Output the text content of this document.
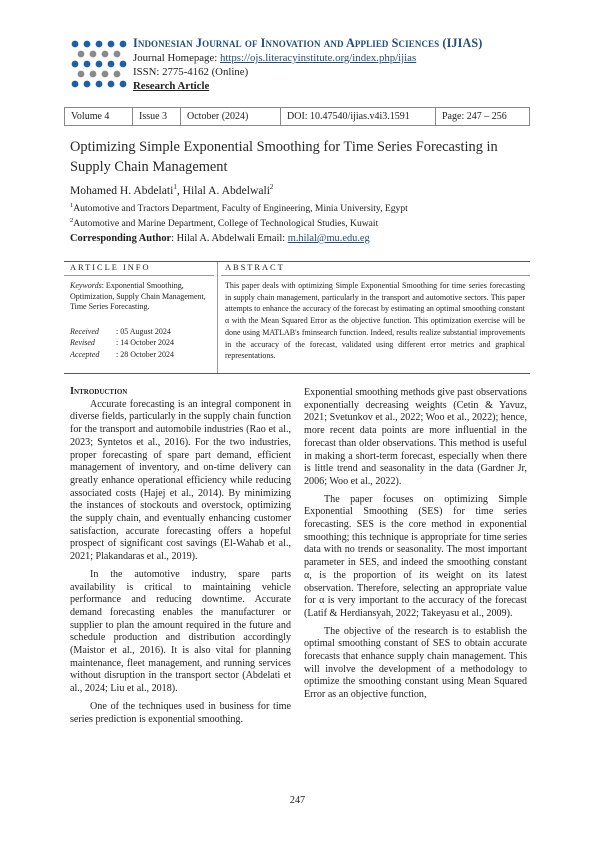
Indonesian Journal of Innovation and Applied Sciences (IJIAS)
Journal Homepage: https://ojs.literacyinstitute.org/index.php/ijias
ISSN: 2775-4162 (Online)
Research Article
Volume 4	Issue 3	October (2024)	DOI: 10.47540/ijias.v4i3.1591	Page: 247 – 256
Optimizing Simple Exponential Smoothing for Time Series Forecasting in Supply Chain Management
Mohamed H. Abdelati$^1$, Hilal A. Abdelwali$^2$
$^1$Automotive and Tractors Department, Faculty of Engineering, Minia University, Egypt
$^2$Automotive and Marine Department, College of Technological Studies, Kuwait
Corresponding Author: Hilal A. Abdelwali Email: m.hilal@mu.edu.eg
ARTICLE INFO	ABSTRACT
Keywords: Exponential Smoothing, Optimization, Supply Chain Management, Time Series Forecasting.
Received : 05 August 2024
Revised	: 14 October 2024
Accepted : 28 October 2024
This paper deals with optimizing Simple Exponential Smoothing for time series forecasting in supply chain management, particularly in the transport and automotive sectors. This paper attempts to enhance the accuracy of the forecast by estimating an optimal smoothing constant α with the Mean Squared Error as the objective function. This optimization exercise will be done using MATLAB's fminsearch function. Indeed, results realize substantial improvements in the accuracy of the forecast, validated using different error metrics and graphical representations.
Introduction

Accurate forecasting is an integral component in diverse fields, particularly in the supply chain function for the transport and automobile industries (Rao et al., 2023; Syntetos et al., 2016). For the two industries, proper forecasting of spare part demand, efficient management of inventory, and on-time delivery can greatly enhance operational efficiency while reducing associated costs (Hajej et al., 2014). By minimizing the instances of stockouts and overstock, optimizing the supply chain, and eventually enhancing customer satisfaction, accurate forecasting offers a hopeful prospect of significant cost savings (El-Wahab et al., 2021; Plakandaras et al., 2019).

In the automotive industry, spare parts availability is critical to maintaining vehicle performance and reducing downtime. Accurate demand forecasting enables the manufacturer or supplier to plan the amount required in the future and schedule production and distribution accordingly (Maistor et al., 2016). It is also vital for planning maintenance, fleet management, and running services without disruption in the transport sector (Abdelati et al., 2024; Liu et al., 2018).

One of the techniques used in business for time series prediction is exponential smoothing.

Exponential smoothing methods give past observations exponentially decreasing weights (Cetin & Yavuz, 2021; Svetunkov et al., 2022; Woo et al., 2022); hence, more recent data points are more influential in the forecast than older observations. This method is useful in making a short-term forecast, especially when there is little trend and seasonality in the data (Gardner Jr, 2006; Woo et al., 2022).

The paper focuses on optimizing Simple Exponential Smoothing (SES) for time series forecasting. SES is the core method in exponential smoothing; this technique is appropriate for time series data with no trends or seasonality. The most important parameter in SES, and indeed the smoothing constant α, is the proportion of its weight on its latest observation. Therefore, selecting an appropriate value for α is very important to the accuracy of the forecast (Latif & Herdiansyah, 2022; Takeyasu et al., 2009).

The objective of the research is to establish the optimal smoothing constant of SES to obtain accurate forecasts that enhance supply chain management. This will involve the development of a methodology to optimize the smoothing constant using Mean Squared Error as an objective function,

247
